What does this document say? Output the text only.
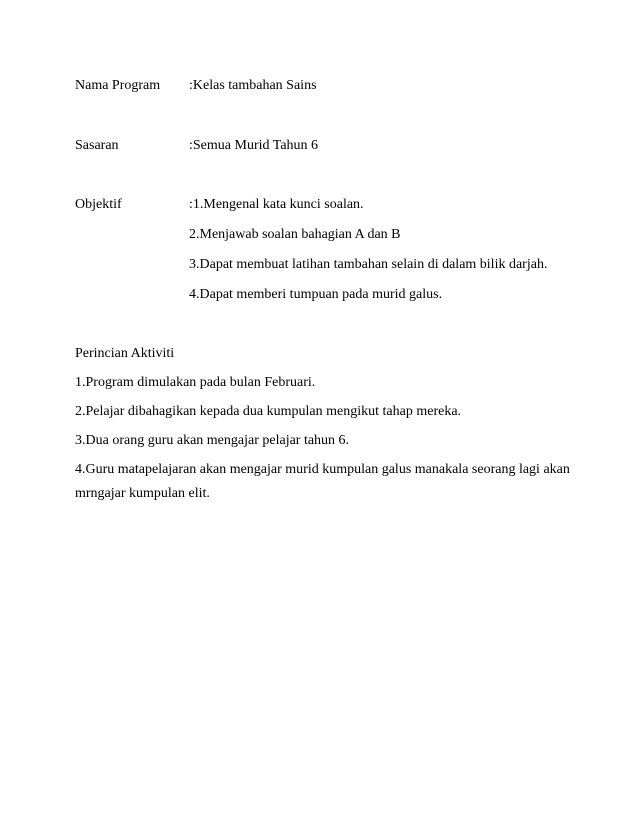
Nama Program :Kelas tambahan Sains
Sasaran	:Semua Murid Tahun 6
Objektif	:1.Mengenal kata kunci soalan.
2.Menjawab soalan bahagian A dan B
3.Dapat membuat latihan tambahan selain di dalam bilik darjah.
4.Dapat memberi tumpuan pada murid galus.
Perincian Aktiviti
1.Program dimulakan pada bulan Februari.
2.Pelajar dibahagikan kepada dua kumpulan mengikut tahap mereka.
3.Dua orang guru akan mengajar pelajar tahun 6.
4.Guru matapelajaran akan mengajar murid kumpulan galus manakala seorang lagi akan mrngajar kumpulan elit.
